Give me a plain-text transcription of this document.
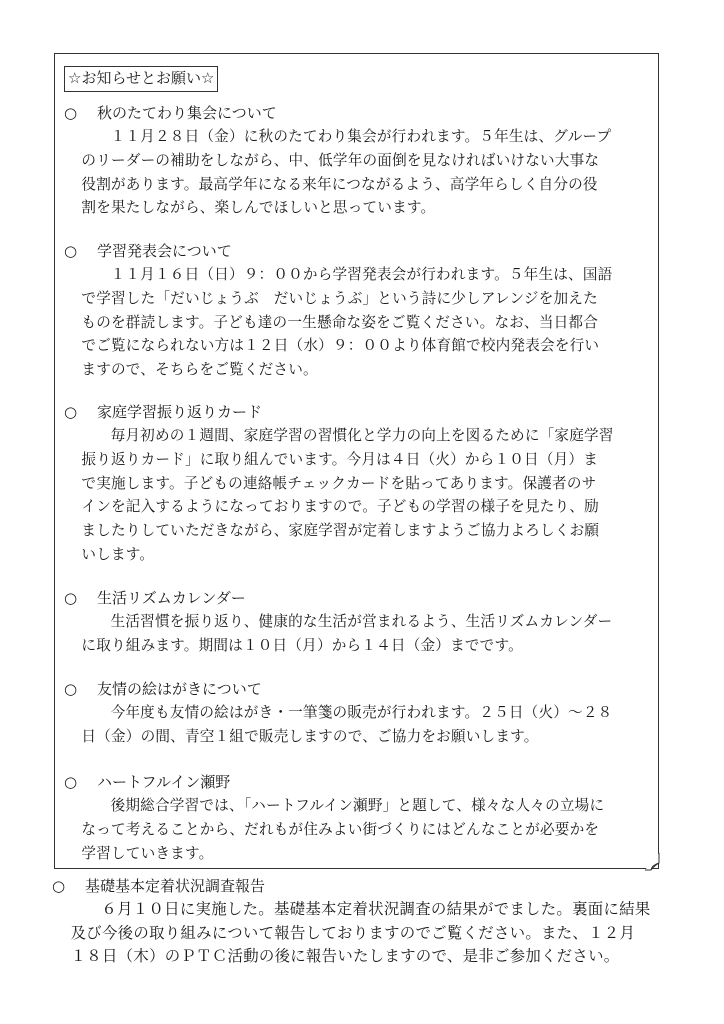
☆お知らせとお願い☆
○ 秋のたてわり集会について
１１月２８日（金）に秋のたてわり集会が行われます。５年生は、グループ
のリーダーの補助をしながら、中、低学年の面倒を見なければいけない大事な
役割があります。最高学年になる来年につながるよう、高学年らしく自分の役
割を果たしながら、楽しんでほしいと思っています。
○ 学習発表会について
１１月１６日（日）９：００から学習発表会が行われます。５年生は、国語
で学習した「だいじょうぶ　だいじょうぶ」という詩に少しアレンジを加えた
ものを群読します。子ども達の一生懸命な姿をご覧ください。なお、当日都合
でご覧になられない方は１２日（水）９：００より体育館で校内発表会を行い
ますので、そちらをご覧ください。
○ 家庭学習振り返りカード
毎月初めの１週間、家庭学習の習慣化と学力の向上を図るために「家庭学習
振り返りカード」に取り組んでいます。今月は４日（火）から１０日（月）ま
で実施します。子どもの連絡帳チェックカードを貼ってあります。保護者のサ
インを記入するようになっておりますので。子どもの学習の様子を見たり、励
ましたりしていただきながら、家庭学習が定着しますようご協力よろしくお願
いします。
○ 生活リズムカレンダー
生活習慣を振り返り、健康的な生活が営まれるよう、生活リズムカレンダー
に取り組みます。期間は１０日（月）から１４日（金）までです。
○ 友情の絵はがきについて
今年度も友情の絵はがき・一筆箋の販売が行われます。２５日（火）～２８
日（金）の間、青空１組で販売しますので、ご協力をお願いします。
○ ハートフルイン瀬野
後期総合学習では、「ハートフルイン瀬野」と題して、様々な人々の立場に
なって考えることから、だれもが住みよい街づくりにはどんなことが必要かを
学習していきます。
○ 基礎基本定着状況調査報告
６月１０日に実施した。基礎基本定着状況調査の結果がでました。裏面に結果
及び今後の取り組みについて報告しておりますのでご覧ください。また、１２月
１８日（木）のＰＴＣ活動の後に報告いたしますので、是非ご参加ください。
